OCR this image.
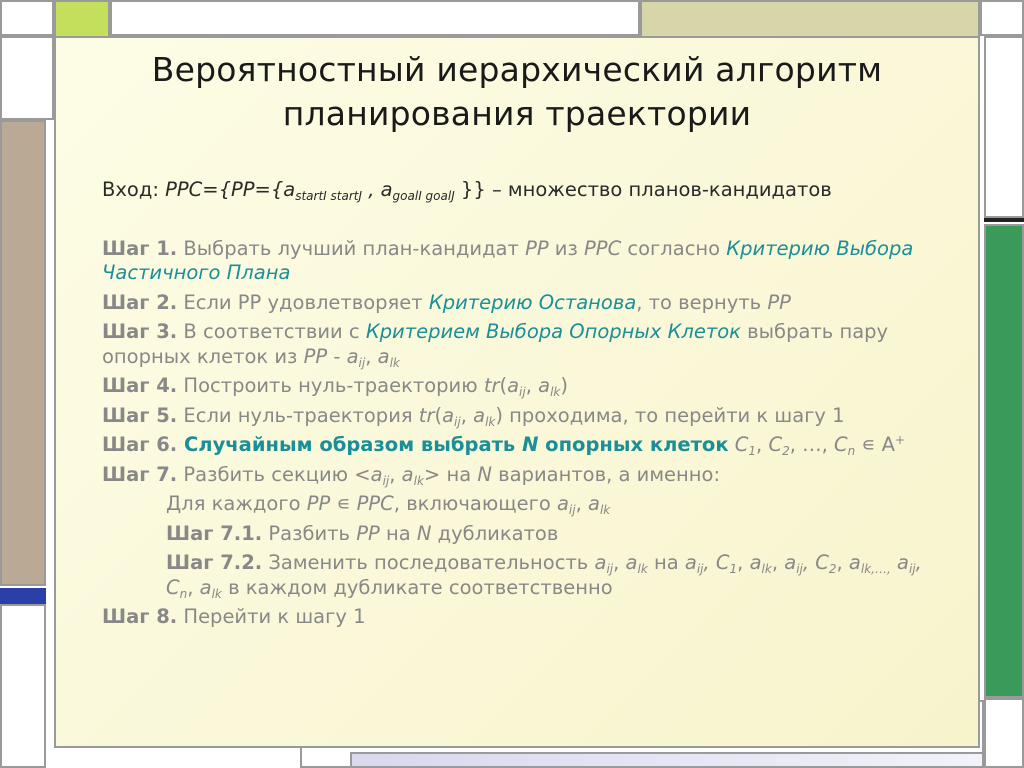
Вероятностный иерархический алгоритм
планирования траектории
Вход: $PPC=\{PP=\{a_{startI startJ}$ , $a_{goalI goalJ}$ }} – множество планов-кандидатов
Шаг 1. Выбрать лучший план-кандидат PP из PPC согласно Критерию Выбора Частичного Плана
Шаг 2. Если PP удовлетворяет Критерию Останова, то вернуть PP
Шаг 3. В соответствии с Критерием Выбора Опорных Клеток выбрать пару опорных клеток из PP - $a_{ij}$, $a_{lk}$
Шаг 4. Построить нуль-траекторию $tr(a_{ij}$, $a_{lk}$)
Шаг 5. Если нуль-траектория $tr(a_{ij}$, $a_{lk}$) проходима, то перейти к шагу 1
Шаг 6. Случайным образом выбрать N опорных клеток $C_1$, $C_2$, …, $C_n$ ∊ A+
Шаг 7. Разбить секцию $<a_{ij}$, $a_{lk}>$ на N вариантов, а именно:
Для каждого PP ∊ PPC, включающего $a_{ij}$, $a_{lk}$
Шаг 7.1. Разбить PP на N дубликатов
Шаг 7.2. Заменить последовательность $a_{ij}$, $a_{lk}$ на $a_{ij}$, $C_1$, $a_{lk}$, $a_{ij}$, $C_2$, $a_{lk,\dots,}$ $a_{ij}$, $C_n$, $a_{lk}$ в каждом дубликате соответственно
Шаг 8. Перейти к шагу 1
